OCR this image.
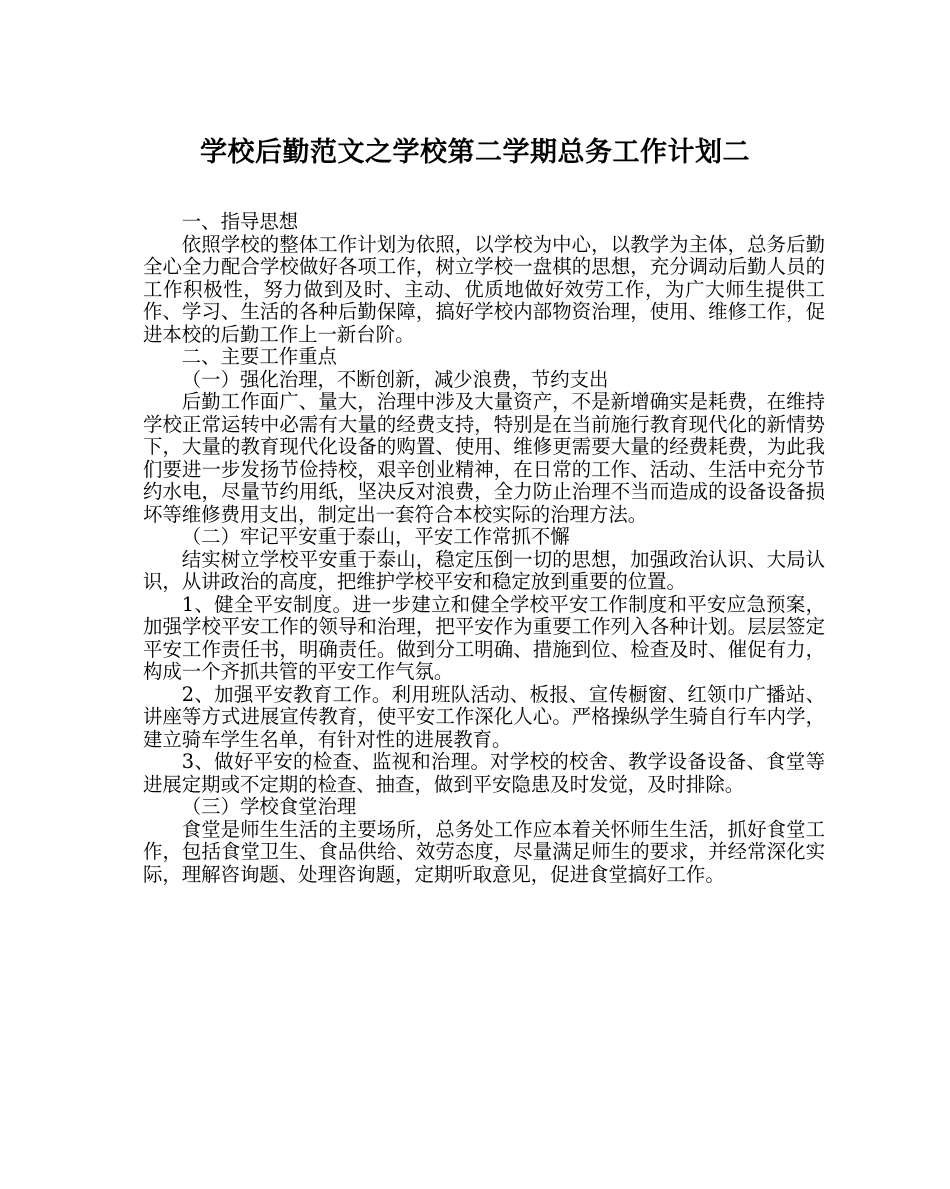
学校后勤范文之学校第二学期总务工作计划二

一、指导思想

依照学校的整体工作计划为依照，以学校为中心，以教学为主体，总务后勤全心全力配合学校做好各项工作，树立学校一盘棋的思想，充分调动后勤人员的工作积极性，努力做到及时、主动、优质地做好效劳工作，为广大师生提供工作、学习、生活的各种后勤保障，搞好学校内部物资治理，使用、维修工作，促进本校的后勤工作上一新台阶。

二、主要工作重点

（一）强化治理，不断创新，减少浪费，节约支出

后勤工作面广、量大，治理中涉及大量资产，不是新增确实是耗费，在维持学校正常运转中必需有大量的经费支持，特别是在当前施行教育现代化的新情势下，大量的教育现代化设备的购置、使用、维修更需要大量的经费耗费，为此我们要进一步发扬节俭持校，艰辛创业精神，在日常的工作、活动、生活中充分节约水电，尽量节约用纸，坚决反对浪费，全力防止治理不当而造成的设备设备损坏等维修费用支出，制定出一套符合本校实际的治理方法。

（二）牢记平安重于泰山，平安工作常抓不懈

结实树立学校平安重于泰山，稳定压倒一切的思想，加强政治认识、大局认识，从讲政治的高度，把维护学校平安和稳定放到重要的位置。

1、健全平安制度。进一步建立和健全学校平安工作制度和平安应急预案，加强学校平安工作的领导和治理，把平安作为重要工作列入各种计划。层层签定平安工作责任书，明确责任。做到分工明确、措施到位、检查及时、催促有力，构成一个齐抓共管的平安工作气氛。

2、加强平安教育工作。利用班队活动、板报、宣传橱窗、红领巾广播站、讲座等方式进展宣传教育，使平安工作深化人心。严格操纵学生骑自行车内学，建立骑车学生名单，有针对性的进展教育。

3、做好平安的检查、监视和治理。对学校的校舍、教学设备设备、食堂等进展定期或不定期的检查、抽查，做到平安隐患及时发觉，及时排除。

（三）学校食堂治理

食堂是师生生活的主要场所，总务处工作应本着关怀师生生活，抓好食堂工作，包括食堂卫生、食品供给、效劳态度，尽量满足师生的要求，并经常深化实际，理解咨询题、处理咨询题，定期听取意见，促进食堂搞好工作。
